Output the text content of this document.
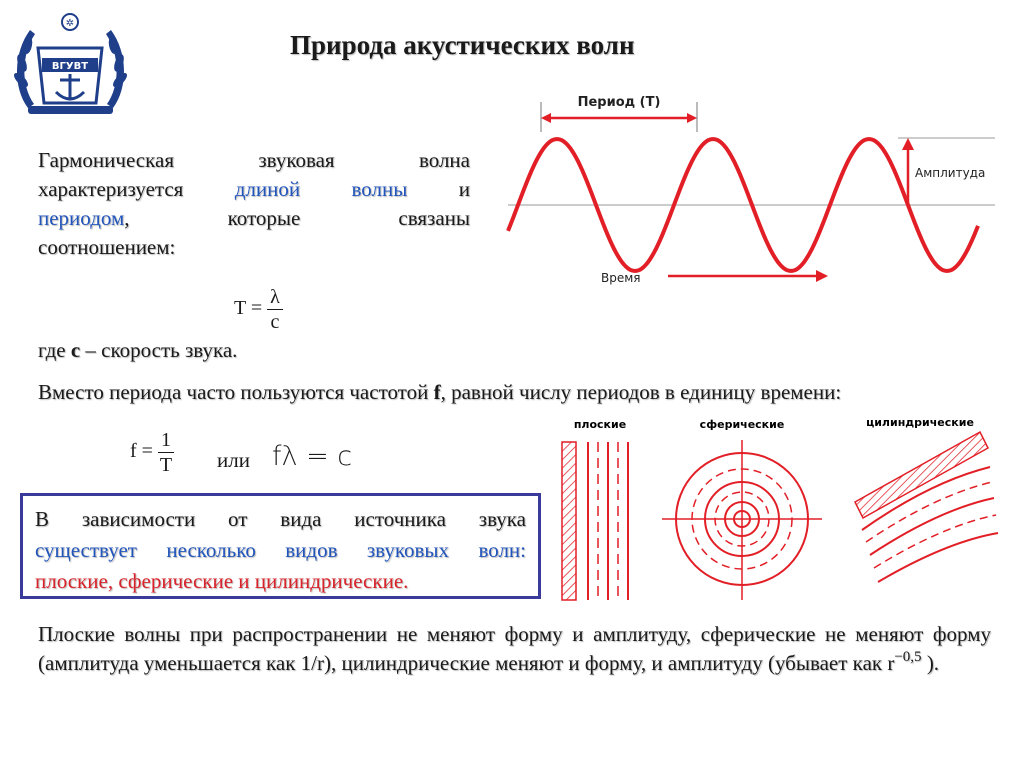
✲
ВГУВТ
Природа акустических волн
Гармоническая звуковая волна
характеризуется длиной волны и
периодом, которые связаны
соотношением:
$T = \frac{\lambda}{c}$
где с – скорость звука.
Период (T)
Амплитуда
Время
Вместо периода часто пользуются частотой f, равной числу периодов в единицу времени:
$f = \frac{1}{T}$ или fλ = c
плоские	сферические	цилиндрические
В зависимости от вида источника звука
существует несколько видов звуковых волн:
плоские, сферические и цилиндрические.
Плоские волны при распространении не меняют форму и амплитуду, сферические не меняют форму (амплитуда уменьшается как 1/r), цилиндрические меняют и форму, и амплитуду (убывает как $r^{-0,5}$ ).
